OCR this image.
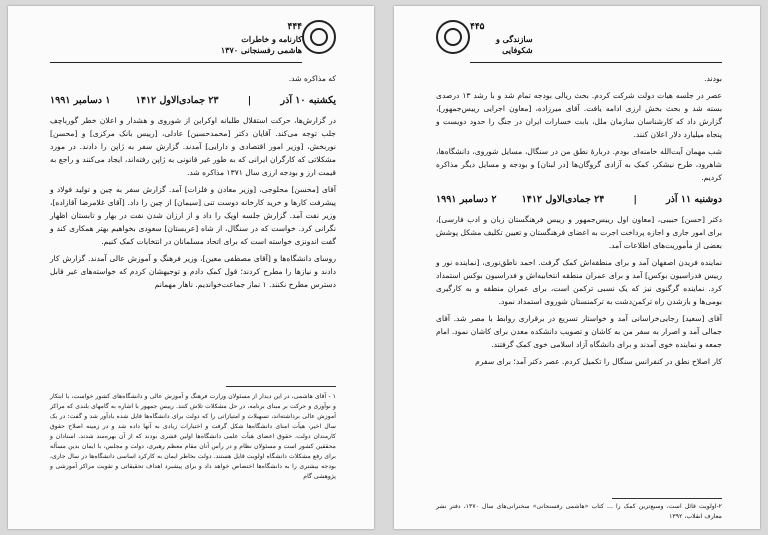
۴۴۴
کارنامه و خاطرات
هاشمی رفسنجانی ۱۳۷۰

که مذاکره شد.

یکشنبه ۱۰ آذر
|
۲۳ جمادی‌الاول ۱۴۱۲
۱ دسامبر ۱۹۹۱

در گزارش‌ها، حرکت استقلال طلبانه اوکراین از شوروی و هشدار و اعلان خطر گورباچف جلب توجه می‌کند. آقایان دکتر [محمدحسین] عادلی، [رییس بانک مرکزی] و [محسن] نوربخش، [وزیر امور اقتصادی و دارایی] آمدند. گزارش سفر به ژاپن را دادند. در مورد مشکلاتی که کارگران ایرانی که به طور غیر قانونی به ژاپن رفته‌اند، ایجاد می‌کنند و راجع به قیمت ارز و بودجه ارزی سال ۱۳۷۱ مذاکره شد.

آقای [محسن] محلوجی، [وزیر معادن و فلزات] آمد. گزارش سفر به چین و تولید فولاد و پیشرفت کارها و خرید کارخانه دوست تنی [سیمان] از چین را داد. [آقای غلامرضا آقازاده]، وزیر نفت آمد. گزارش جلسه اوپک را داد و از ارزان شدن نفت در بهار و تابستان اظهار نگرانی کرد. خواست که در سنگال، از شاه [عربستان] سعودی بخواهیم بهتر همکاری کند و گفت اندونزی خواسته است که برای اتحاد مسلمانان در انتخابات کمک کنیم.

روسای دانشگاه‌ها و [آقای مصطفی معین]، وزیر فرهنگ و آموزش عالی آمدند. گزارش کار دادند و نیازها را مطرح کردند؛ قول کمک دادم و توجیهشان کردم که خواسته‌های غیر قابل دسترس مطرح نکنند. ۱ نماز جماعت‌خواندیم. ناهار مهمانم

۱ - آقای هاشمی، در این دیدار از مسئولان وزارت فرهنگ و آموزش عالی و دانشگاه‌های کشور خواست، با ابتکار و نوآوری و حرکت بر مبنای برنامه، در حل مشکلات تلاش کنند. رییس جمهور با اشاره به گامهای بلندی که مراکز آموزش عالی برداشته‌اند، تسهیلات و امتیازاتی را که دولت برای دانشگاه‌ها قایل شده یادآور شد و گفت: در یک سال اخیر، هیأت امنای دانشگاه‌ها شکل گرفت و اختیارات زیادی به آنها داده شد و در زمینه اصلاح حقوق کارمندان دولت، حقوق اعضای هیأت علمی دانشگاه‌ها اولین قشری بودند که از آن بهره‌مند شدند. استادان و محققین کشور است و مسئولان نظام و در رأس آنان مقام معظم رهبری، دولت و مجلس، با ایمان بدین مسأله برای رفع مشکلات دانشگاه اولویت قایل هستند. دولت بخاطر ایمان به کارکرد اساسی دانشگاه‌ها در سال جاری، بودجه بیشتری را به دانشگاه‌ها اختصاص خواهد داد و برای پیشبرد اهداف تحقیقاتی و تقویت مراکز آموزشی و پژوهشی گام
۴۴۵
سازندگی و
شکوفایی

بودند.

عصر در جلسه هیات دولت شرکت کردم. بحث ریالی بودجه تمام شد و با رشد ۱۳ درصدی بسته شد و بحث بخش ارزی ادامه یافت. آقای میرزاده، [معاون اجرایی رییس‌جمهور]، گزارش داد که کارشناسان سازمان ملل، بابت خسارات ایران در جنگ را حدود دویست و پنجاه میلیارد دلار اعلان کنند.

شب مهمان آیت‌الله خامنه‌ای بودم. دربارهٔ نطق من در سنگال، مسایل شوروی، دانشگاه‌ها، شاهرود، طرح نیشکر، کمک به آزادی گروگان‌ها [در لبنان] و بودجه و مسایل دیگر مذاکره کردیم.

دوشنبه ۱۱ آذر
|
۲۴ جمادی‌الاول ۱۴۱۲
۲ دسامبر ۱۹۹۱

دکتر [حسن] حبیبی، [معاون اول رییس‌جمهور و رییس فرهنگستان زبان و ادب فارسی]، برای امور جاری و اجازه پرداخت اجرت به اعضای فرهنگستان و تعیین تکلیف مشکل پوشش بعضی از مأموریت‌های اطلاعات آمد.

نماینده فریدن اصفهان آمد و برای منطقه‌اش کمک گرفت. احمد ناطق‌نوری، [نماینده نور و رییس فدراسیون بوکس] آمد و برای عمران منطقه انتخابیه‌اش و فدراسیون بوکس استمداد کرد. نماینده گرگنوی نیز که یک نسبی ترکمن است، برای عمران منطقه و به کارگیری بومی‌ها و بازشدن راه ترکمن‌دشت به ترکمنستان شوروی استمداد نمود.

آقای [سعید] رجایی‌خراسانی آمد و خواستار تسریع در برقراری روابط با مصر شد. آقای جمالی آمد و اصرار به سفر من به کاشان و تصویب دانشکده معدن برای کاشان نمود. امام جمعه و نماینده خوی آمدند و برای دانشگاه آزاد اسلامی خوی کمک گرفتند.

کار اصلاح نطق در کنفرانس سنگال را تکمیل کردم. عصر دکتر آمد؛ برای سفرم

۲-اولویت قائل است، وسیع‌ترین کمک را ... کتاب «هاشمی رفسنجانی» سخنرانی‌های سال ۱۳۷۰، دفتر نشر معارف انقلاب، ۱۳۹۲
